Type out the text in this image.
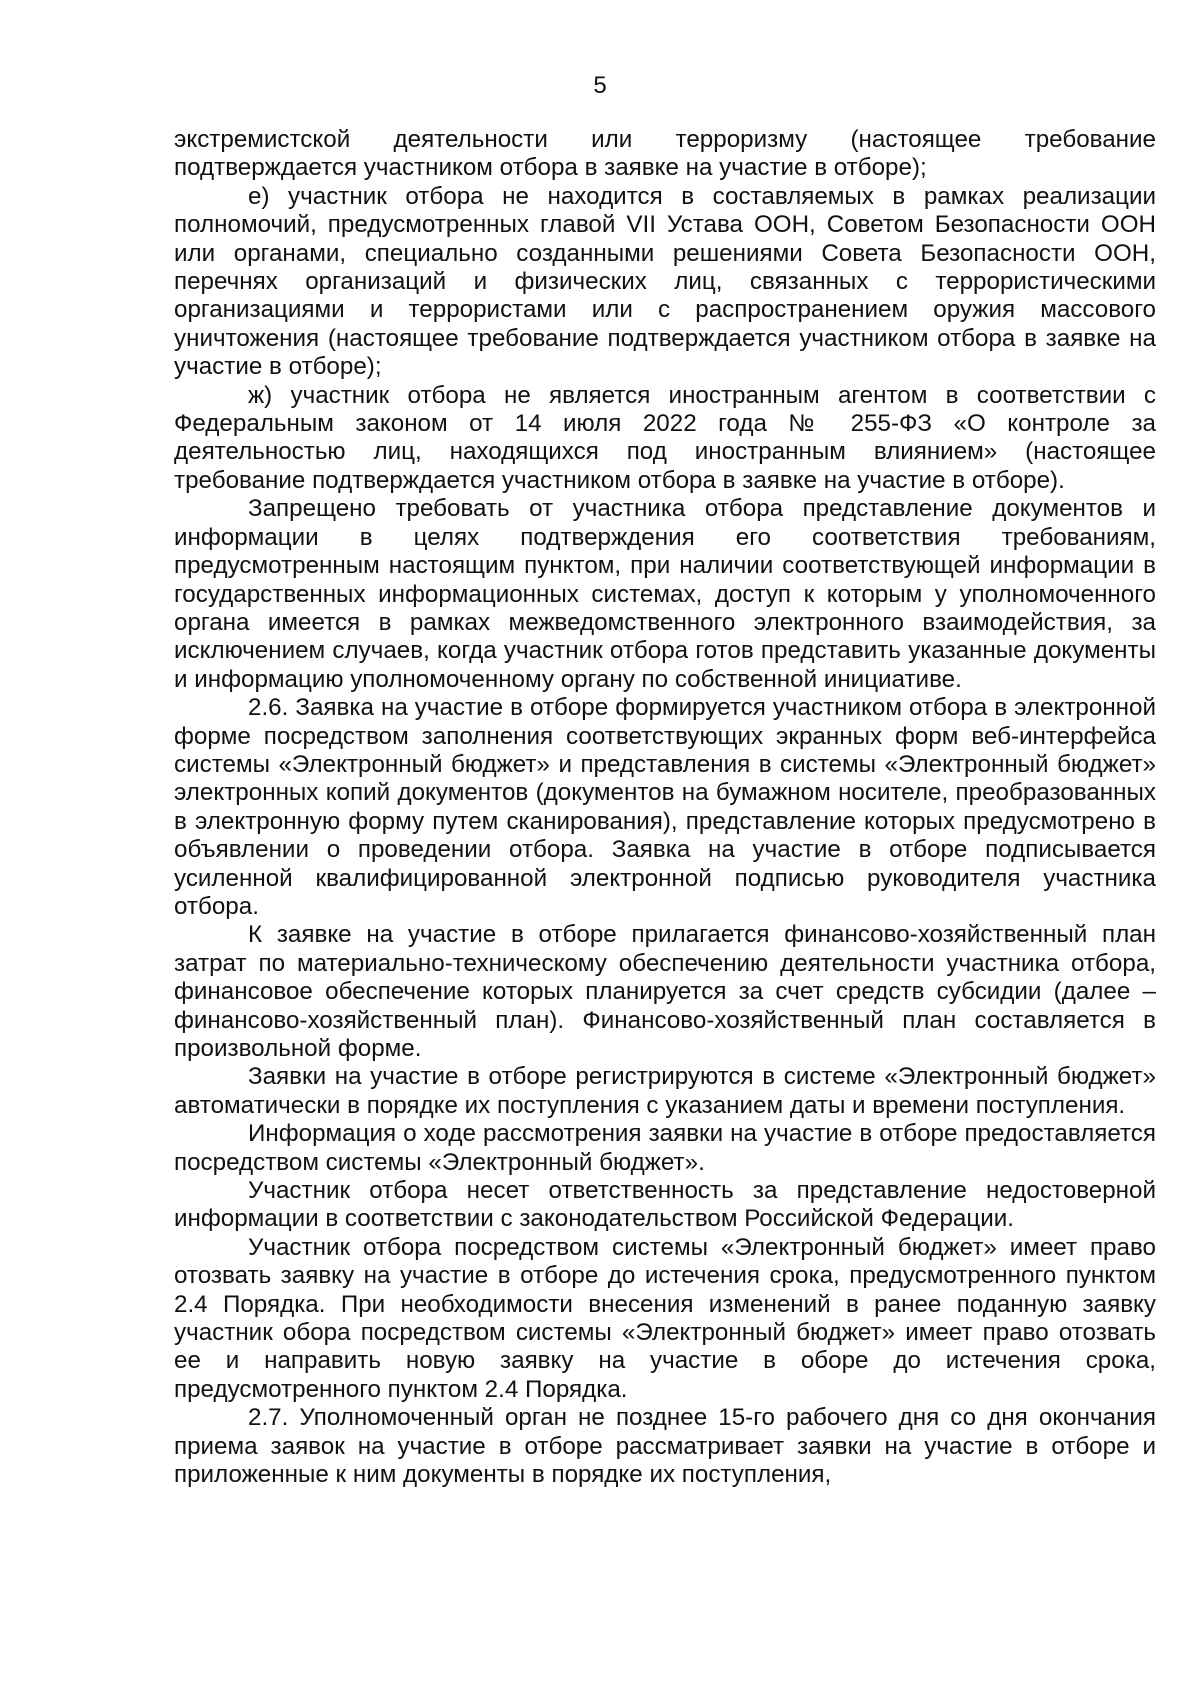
5

экстремистской деятельности или терроризму (настоящее требование подтверждается участником отбора в заявке на участие в отборе);

е) участник отбора не находится в составляемых в рамках реализации полномочий, предусмотренных главой VII Устава ООН, Советом Безопасности ООН или органами, специально созданными решениями Совета Безопасности ООН, перечнях организаций и физических лиц, связанных с террористическими организациями и террористами или с распространением оружия массового уничтожения (настоящее требование подтверждается участником отбора в заявке на участие в отборе);

ж) участник отбора не является иностранным агентом в соответствии с Федеральным законом от 14 июля 2022 года № 255-ФЗ «О контроле за деятельностью лиц, находящихся под иностранным влиянием» (настоящее требование подтверждается участником отбора в заявке на участие в отборе).

Запрещено требовать от участника отбора представление документов и информации в целях подтверждения его соответствия требованиям, предусмотренным настоящим пунктом, при наличии соответствующей информации в государственных информационных системах, доступ к которым у уполномоченного органа имеется в рамках межведомственного электронного взаимодействия, за исключением случаев, когда участник отбора готов представить указанные документы и информацию уполномоченному органу по собственной инициативе.

2.6. Заявка на участие в отборе формируется участником отбора в электронной форме посредством заполнения соответствующих экранных форм веб-интерфейса системы «Электронный бюджет» и представления в системы «Электронный бюджет» электронных копий документов (документов на бумажном носителе, преобразованных в электронную форму путем сканирования), представление которых предусмотрено в объявлении о проведении отбора. Заявка на участие в отборе подписывается усиленной квалифицированной электронной подписью руководителя участника отбора.

К заявке на участие в отборе прилагается финансово-хозяйственный план затрат по материально-техническому обеспечению деятельности участника отбора, финансовое обеспечение которых планируется за счет средств субсидии (далее – финансово-хозяйственный план). Финансово-хозяйственный план составляется в произвольной форме.

Заявки на участие в отборе регистрируются в системе «Электронный бюджет» автоматически в порядке их поступления с указанием даты и времени поступления.

Информация о ходе рассмотрения заявки на участие в отборе предоставляется посредством системы «Электронный бюджет».

Участник отбора несет ответственность за представление недостоверной информации в соответствии с законодательством Российской Федерации.

Участник отбора посредством системы «Электронный бюджет» имеет право отозвать заявку на участие в отборе до истечения срока, предусмотренного пунктом 2.4 Порядка. При необходимости внесения изменений в ранее поданную заявку участник обора посредством системы «Электронный бюджет» имеет право отозвать ее и направить новую заявку на участие в оборе до истечения срока, предусмотренного пунктом 2.4 Порядка.

2.7. Уполномоченный орган не позднее 15-го рабочего дня со дня окончания приема заявок на участие в отборе рассматривает заявки на участие в отборе и приложенные к ним документы в порядке их поступления,
